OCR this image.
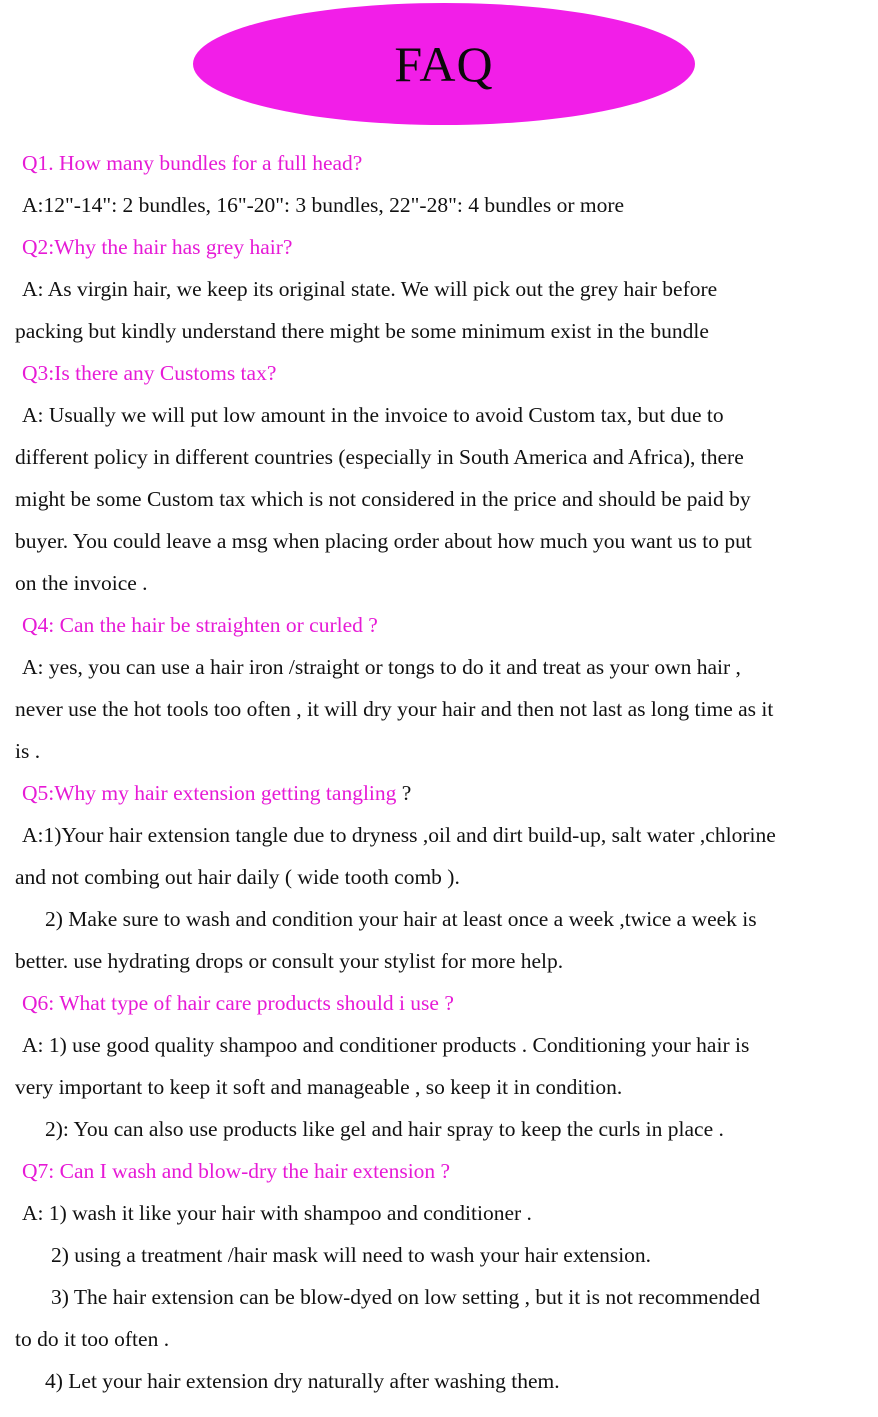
FAQ
Q1. How many bundles for a full head?
A:12"-14": 2 bundles, 16"-20": 3 bundles, 22"-28": 4 bundles or more
Q2:Why the hair has grey hair?
A: As virgin hair, we keep its original state. We will pick out the grey hair before
packing but kindly understand there might be some minimum exist in the bundle
Q3:Is there any Customs tax?
A: Usually we will put low amount in the invoice to avoid Custom tax, but due to
different policy in different countries (especially in South America and Africa), there
might be some Custom tax which is not considered in the price and should be paid by
buyer. You could leave a msg when placing order about how much you want us to put
on the invoice .
Q4: Can the hair be straighten or curled ?
A: yes, you can use a hair iron /straight or tongs to do it and treat as your own hair ,
never use the hot tools too often , it will dry your hair and then not last as long time as it
is .
Q5:Why my hair extension getting tangling ?
A:1)Your hair extension tangle due to dryness ,oil and dirt build-up, salt water ,chlorine
and not combing out hair daily ( wide tooth comb ).
2) Make sure to wash and condition your hair at least once a week ,twice a week is
better. use hydrating drops or consult your stylist for more help.
Q6: What type of hair care products should i use ?
A: 1) use good quality shampoo and conditioner products . Conditioning your hair is
very important to keep it soft and manageable , so keep it in condition.
2): You can also use products like gel and hair spray to keep the curls in place .
Q7: Can I wash and blow-dry the hair extension ?
A: 1) wash it like your hair with shampoo and conditioner .
2) using a treatment /hair mask will need to wash your hair extension.
3) The hair extension can be blow-dyed on low setting , but it is not recommended
to do it too often .
4) Let your hair extension dry naturally after washing them.
